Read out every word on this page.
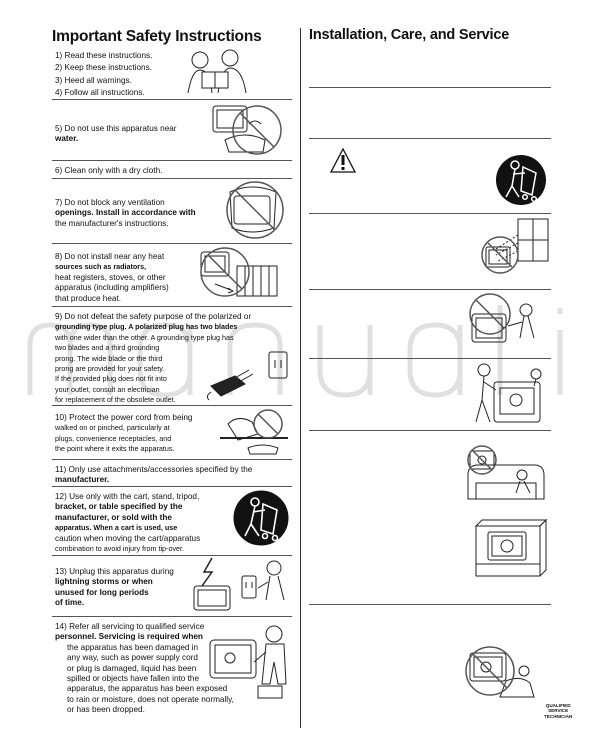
Important Safety Instructions
1) Read these instructions.
2) Keep these instructions.
3) Heed all warnings.
4) Follow all instructions.
5) Do not use this apparatus near
water.
6) Clean only with a dry cloth.
7) Do not block any ventilation
openings. Install in accordance with
the manufacturer's instructions.
8) Do not install near any heat
sources such as radiators,
heat registers, stoves, or other
apparatus (including amplifiers)
that produce heat.
9) Do not defeat the safety purpose of the polarized or
grounding type plug. A polarized plug has two blades
with one wider than the other. A grounding type plug has
two blades and a third grounding
prong. The wide blade or the third
prong are provided for your safety.
If the provided plug does not fit into
your outlet, consult an electrician
for replacement of the obsolete outlet.
10) Protect the power cord from being
walked on or pinched, particularly at
plugs, convenience receptacles, and
the point where it exits the apparatus.
11) Only use attachments/accessories specified by the
manufacturer.
12) Use only with the cart, stand, tripod,
bracket, or table specified by the
manufacturer, or sold with the
apparatus. When a cart is used, use
caution when moving the cart/apparatus
combination to avoid injury from tip-over.
13) Unplug this apparatus during
lightning storms or when
unused for long periods
of time.
14) Refer all servicing to qualified service
personnel. Servicing is required when
the apparatus has been damaged in
any way, such as power supply cord
or plug is damaged, liquid has been
spilled or objects have fallen into the
apparatus, the apparatus has been exposed
to rain or moisture, does not operate normally,
or has been dropped.
Installation, Care, and Service
QUALIFIED
SERVICE
TECHNICIAN
